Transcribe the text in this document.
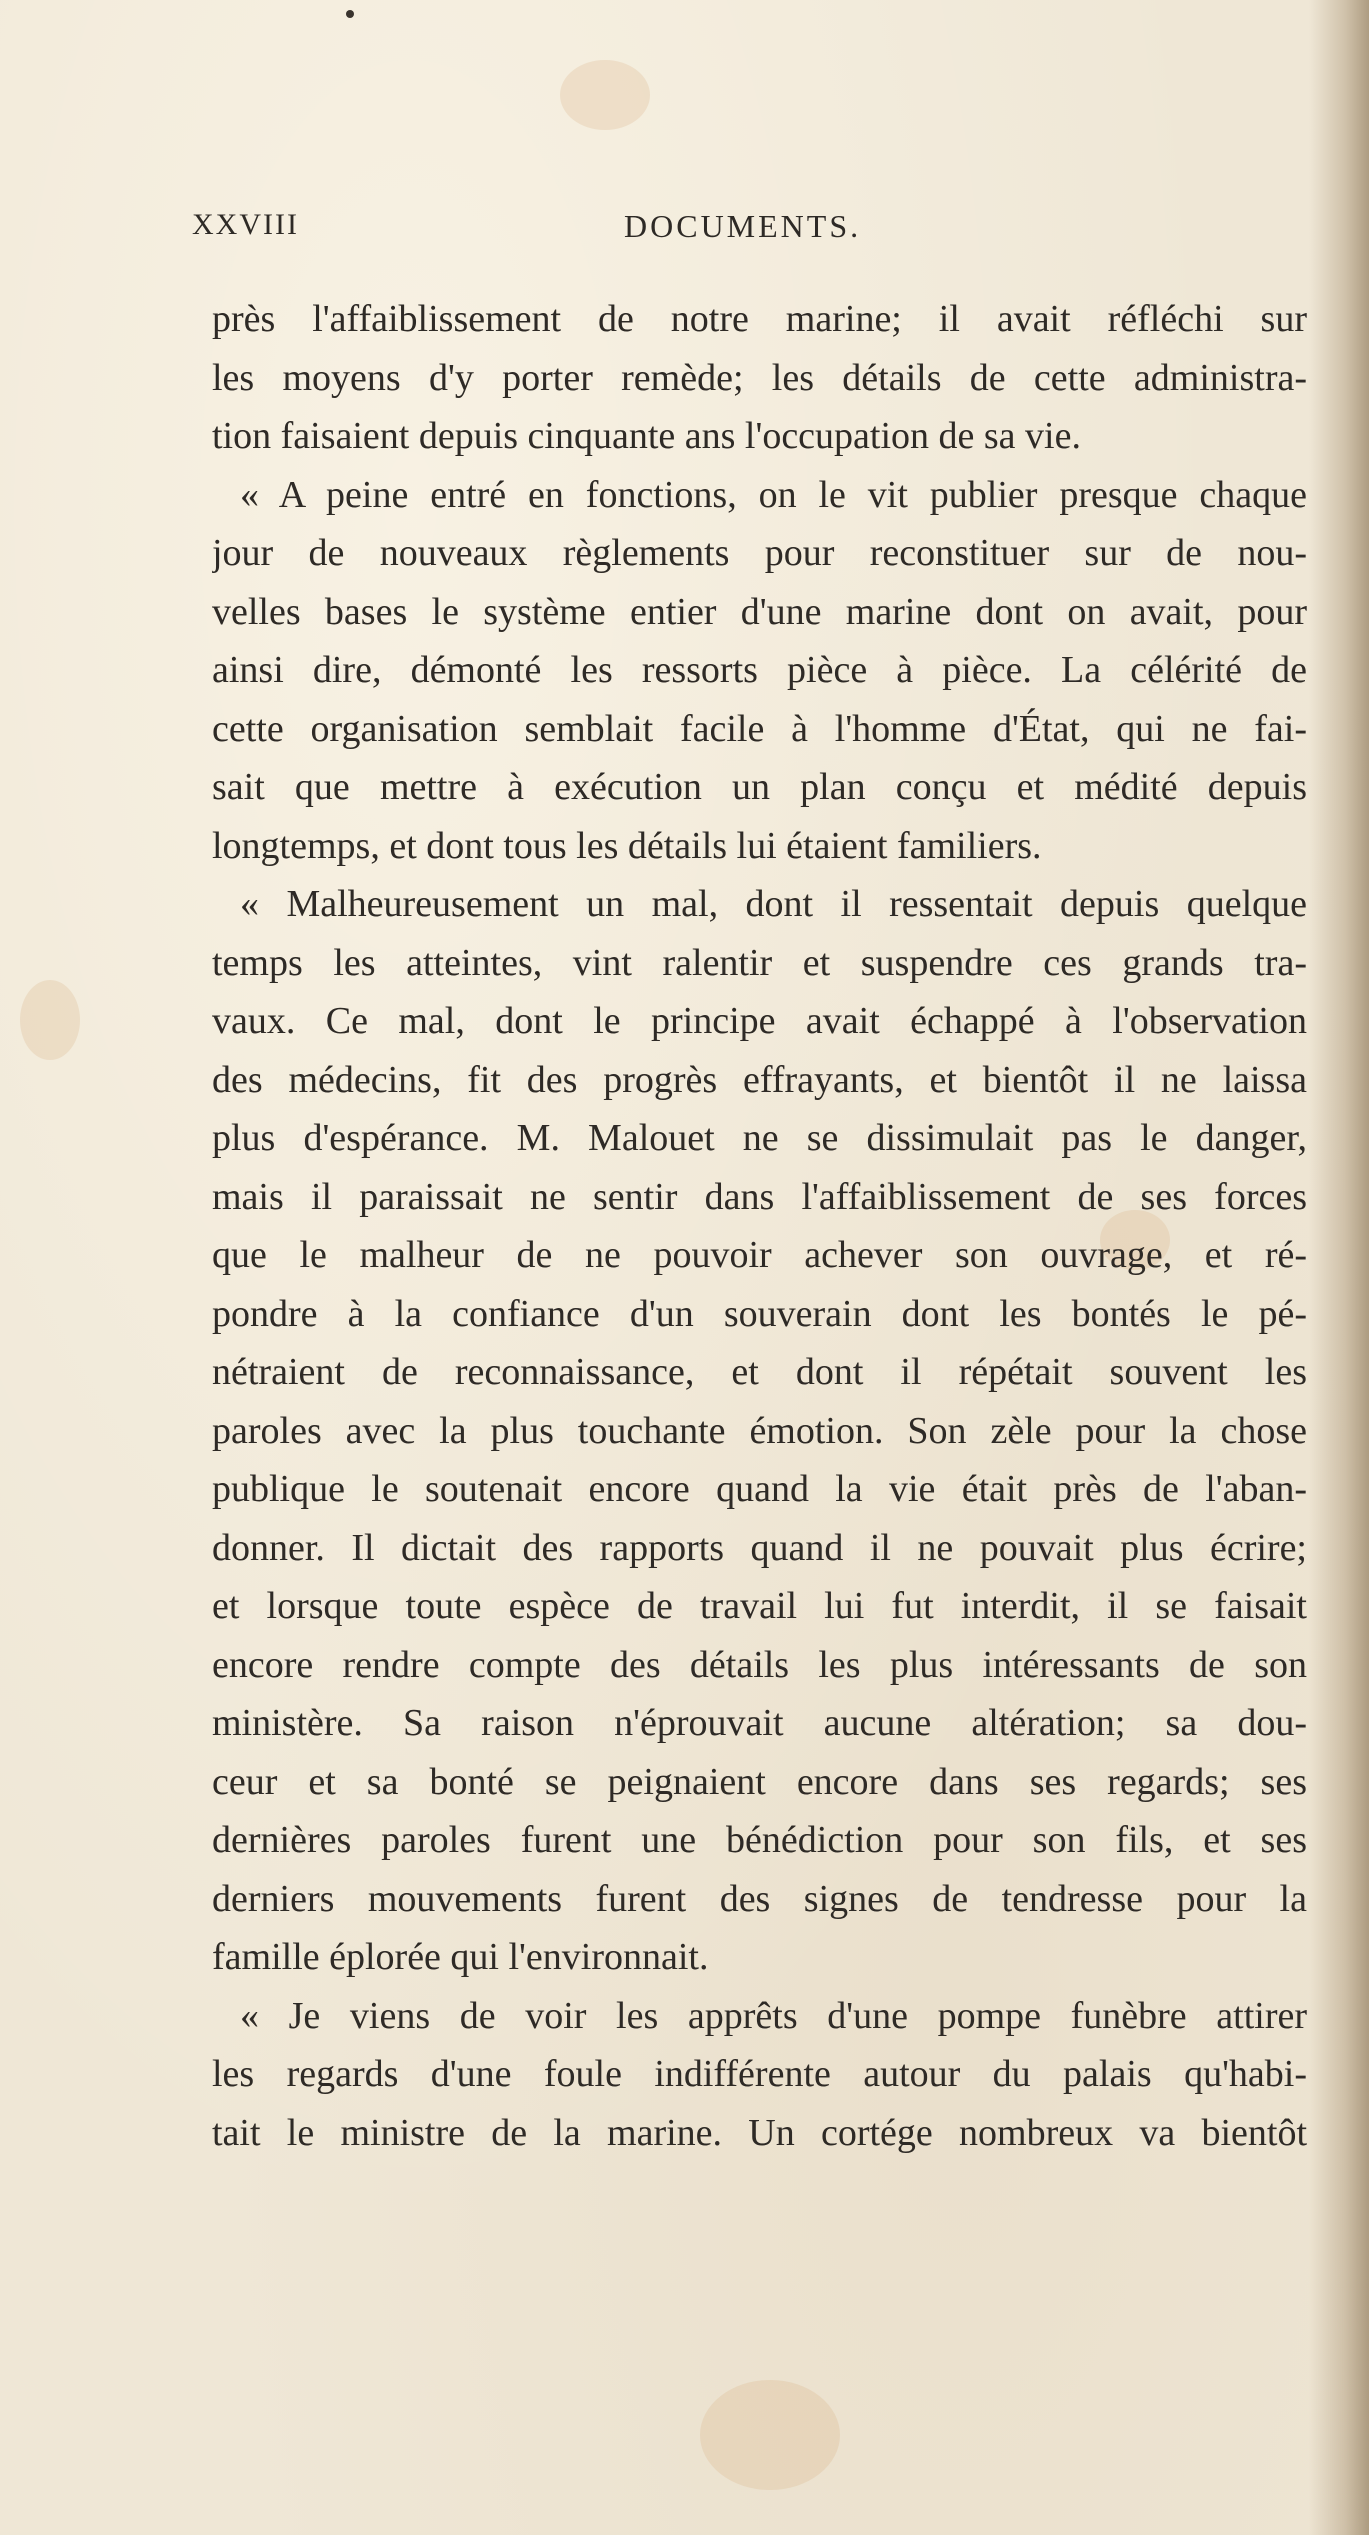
XXVIII	DOCUMENTS.
près l'affaiblissement de notre marine; il avait réfléchi sur
les moyens d'y porter remède; les détails de cette administra-
tion faisaient depuis cinquante ans l'occupation de sa vie.
« A peine entré en fonctions, on le vit publier presque chaque
jour de nouveaux règlements pour reconstituer sur de nou-
velles bases le système entier d'une marine dont on avait, pour
ainsi dire, démonté les ressorts pièce à pièce. La célérité de
cette organisation semblait facile à l'homme d'État, qui ne fai-
sait que mettre à exécution un plan conçu et médité depuis
longtemps, et dont tous les détails lui étaient familiers.
« Malheureusement un mal, dont il ressentait depuis quelque
temps les atteintes, vint ralentir et suspendre ces grands tra-
vaux. Ce mal, dont le principe avait échappé à l'observation
des médecins, fit des progrès effrayants, et bientôt il ne laissa
plus d'espérance. M. Malouet ne se dissimulait pas le danger,
mais il paraissait ne sentir dans l'affaiblissement de ses forces
que le malheur de ne pouvoir achever son ouvrage, et ré-
pondre à la confiance d'un souverain dont les bontés le pé-
nétraient de reconnaissance, et dont il répétait souvent les
paroles avec la plus touchante émotion. Son zèle pour la chose
publique le soutenait encore quand la vie était près de l'aban-
donner. Il dictait des rapports quand il ne pouvait plus écrire;
et lorsque toute espèce de travail lui fut interdit, il se faisait
encore rendre compte des détails les plus intéressants de son
ministère. Sa raison n'éprouvait aucune altération; sa dou-
ceur et sa bonté se peignaient encore dans ses regards; ses
dernières paroles furent une bénédiction pour son fils, et ses
derniers mouvements furent des signes de tendresse pour la
famille éplorée qui l'environnait.
« Je viens de voir les apprêts d'une pompe funèbre attirer
les regards d'une foule indifférente autour du palais qu'habi-
tait le ministre de la marine. Un cortége nombreux va bientôt
